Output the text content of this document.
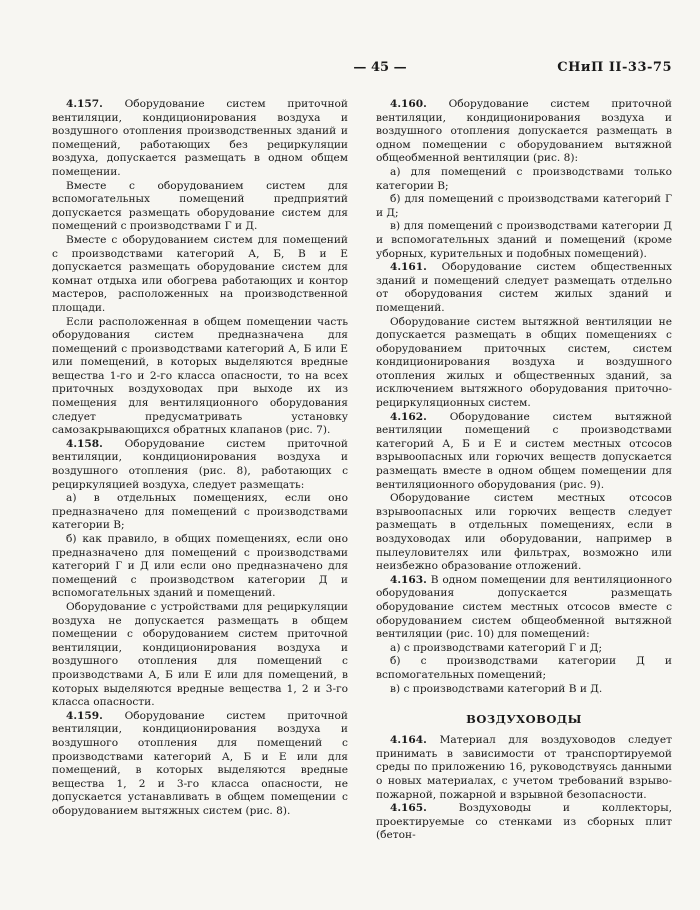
— 45 —	СНиП II-33-75

4.157. Оборудование систем приточной вентиляции, кондиционирования воздуха и воздушного отопления производственных зданий и помещений, работающих без рециркуляции воздуха, допускается размещать в одном общем помещении.

Вместе с оборудованием систем для вспомогательных помещений предприятий допускается размещать оборудование систем для помещений с производствами Г и Д.

Вместе с оборудованием систем для помещений с производствами категорий А, Б, В и Е допускается размещать оборудование систем для комнат отдыха или обогрева работающих и контор мастеров, расположенных на производственной площади.

Если расположенная в общем помещении часть оборудования систем предназначена для помещений с производствами категорий А, Б или Е или помещений, в которых выделяются вредные вещества 1-го и 2-го класса опасности, то на всех приточных воздуховодах при выходе их из помещения для вентиляционного оборудования следует предусматривать установку самозакрывающихся обратных клапанов (рис. 7).

4.158. Оборудование систем приточной вентиляции, кондиционирования воздуха и воздушного отопления (рис. 8), работающих с рециркуляцией воздуха, следует размещать:

а) в отдельных помещениях, если оно предназначено для помещений с производствами категории В;

б) как правило, в общих помещениях, если оно предназначено для помещений с производствами категорий Г и Д или если оно предназначено для помещений с производством категории Д и вспомогательных зданий и помещений.

Оборудование с устройствами для рециркуляции воздуха не допускается размещать в общем помещении с оборудованием систем приточной вентиляции, кондиционирования воздуха и воздушного отопления для помещений с производствами А, Б или Е или для помещений, в которых выделяются вредные вещества 1, 2 и 3-го класса опасности.

4.159. Оборудование систем приточной вентиляции, кондиционирования воздуха и воздушного отопления для помещений с производствами категорий А, Б и Е или для помещений, в которых выделяются вредные вещества 1, 2 и 3-го класса опасности, не допускается устанавливать в общем помещении с оборудованием вытяжных систем (рис. 8).

4.160. Оборудование систем приточной вентиляции, кондиционирования воздуха и воздушного отопления допускается размещать в одном помещении с оборудованием вытяжной общеобменной вентиляции (рис. 8):

а) для помещений с производствами только категории В;

б) для помещений с производствами категорий Г и Д;

в) для помещений с производствами категории Д и вспомогательных зданий и помещений (кроме уборных, курительных и подобных помещений).

4.161. Оборудование систем общественных зданий и помещений следует размещать отдельно от оборудования систем жилых зданий и помещений.

Оборудование систем вытяжной вентиляции не допускается размещать в общих помещениях с оборудованием приточных систем, систем кондиционирования воздуха и воздушного отопления жилых и общественных зданий, за исключением вытяжного оборудования приточно-рециркуляционных систем.

4.162. Оборудование систем вытяжной вентиляции помещений с производствами категорий А, Б и Е и систем местных отсосов взрывоопасных или горючих веществ допускается размещать вместе в одном общем помещении для вентиляционного оборудования (рис. 9).

Оборудование систем местных отсосов взрывоопасных или горючих веществ следует размещать в отдельных помещениях, если в воздуховодах или оборудовании, например в пылеуловителях или фильтрах, возможно или неизбежно образование отложений.

4.163. В одном помещении для вентиляционного оборудования допускается размещать оборудование систем местных отсосов вместе с оборудованием систем общеобменной вытяжной вентиляции (рис. 10) для помещений:

а) с производствами категорий Г и Д;

б) с производствами категории Д и вспомогательных помещений;

в) с производствами категорий В и Д.

ВОЗДУХОВОДЫ

4.164. Материал для воздуховодов следует принимать в зависимости от транспортируемой среды по приложению 16, руководствуясь данными о новых материалах, с учетом требований взрыво-пожарной, пожарной и взрывной безопасности.

4.165.	Воздуховоды и коллекторы, проектируемые со стенками из сборных плит (бетон-
